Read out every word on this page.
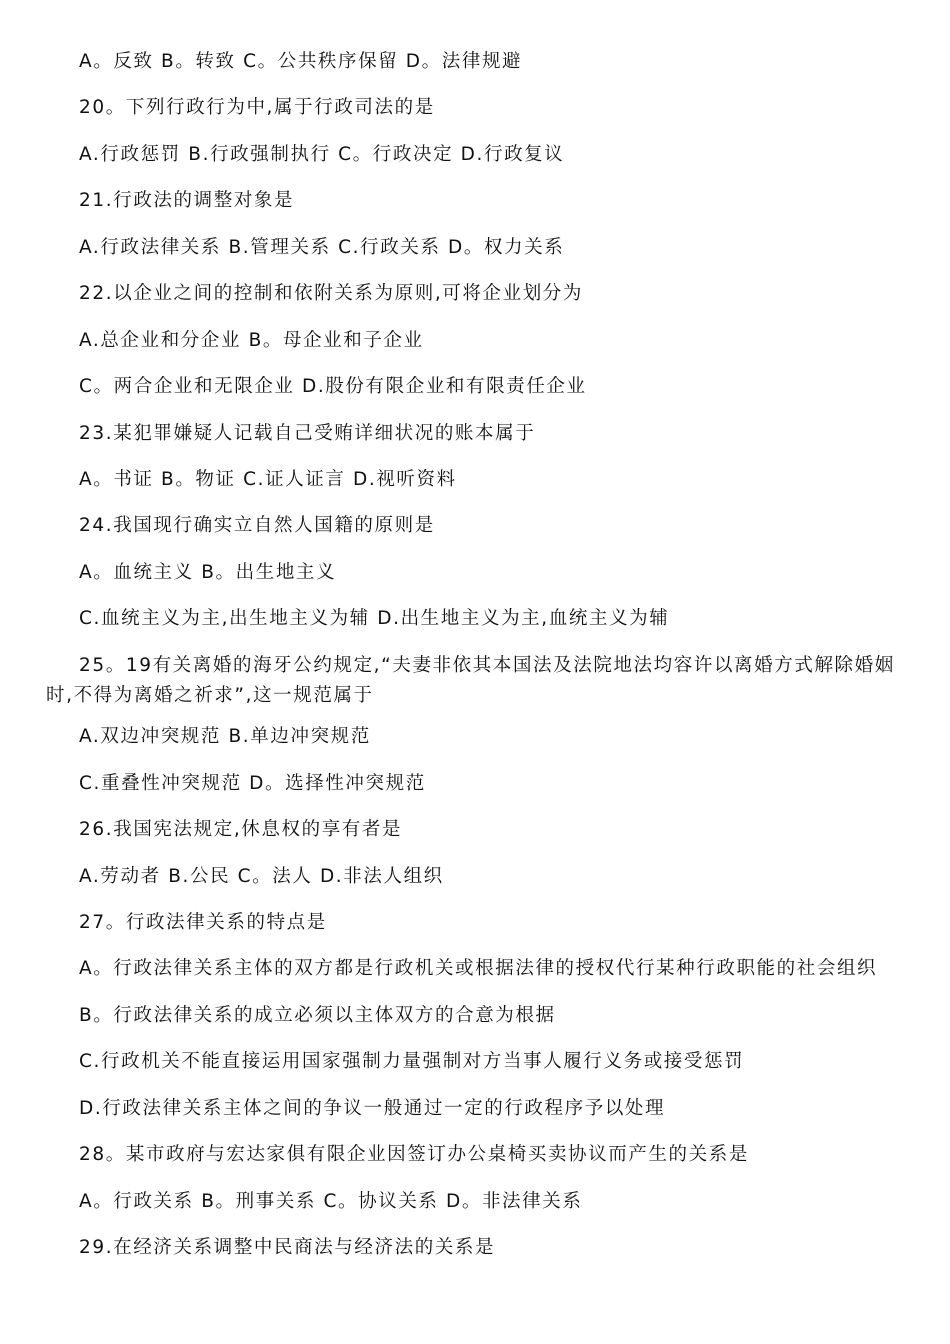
A。反致 B。转致 C。公共秩序保留 D。法律规避
20。下列行政行为中,属于行政司法的是
A.行政惩罚 B.行政强制执行 C。行政决定 D.行政复议
21.行政法的调整对象是
A.行政法律关系 B.管理关系 C.行政关系 D。权力关系
22.以企业之间的控制和依附关系为原则,可将企业划分为
A.总企业和分企业 B。母企业和子企业
C。两合企业和无限企业 D.股份有限企业和有限责任企业
23.某犯罪嫌疑人记载自己受贿详细状况的账本属于
A。书证 B。物证 C.证人证言 D.视听资料
24.我国现行确实立自然人国籍的原则是
A。血统主义 B。出生地主义
C.血统主义为主,出生地主义为辅 D.出生地主义为主,血统主义为辅
25。19有关离婚的海牙公约规定,“夫妻非依其本国法及法院地法均容许以离婚方式解除婚姻时,不得为离婚之祈求”,这一规范属于
A.双边冲突规范 B.单边冲突规范
C.重叠性冲突规范 D。选择性冲突规范
26.我国宪法规定,休息权的享有者是
A.劳动者 B.公民 C。法人 D.非法人组织
27。行政法律关系的特点是
A。行政法律关系主体的双方都是行政机关或根据法律的授权代行某种行政职能的社会组织
B。行政法律关系的成立必须以主体双方的合意为根据
C.行政机关不能直接运用国家强制力量强制对方当事人履行义务或接受惩罚
D.行政法律关系主体之间的争议一般通过一定的行政程序予以处理
28。某市政府与宏达家俱有限企业因签订办公桌椅买卖协议而产生的关系是
A。行政关系 B。刑事关系 C。协议关系 D。非法律关系
29.在经济关系调整中民商法与经济法的关系是
